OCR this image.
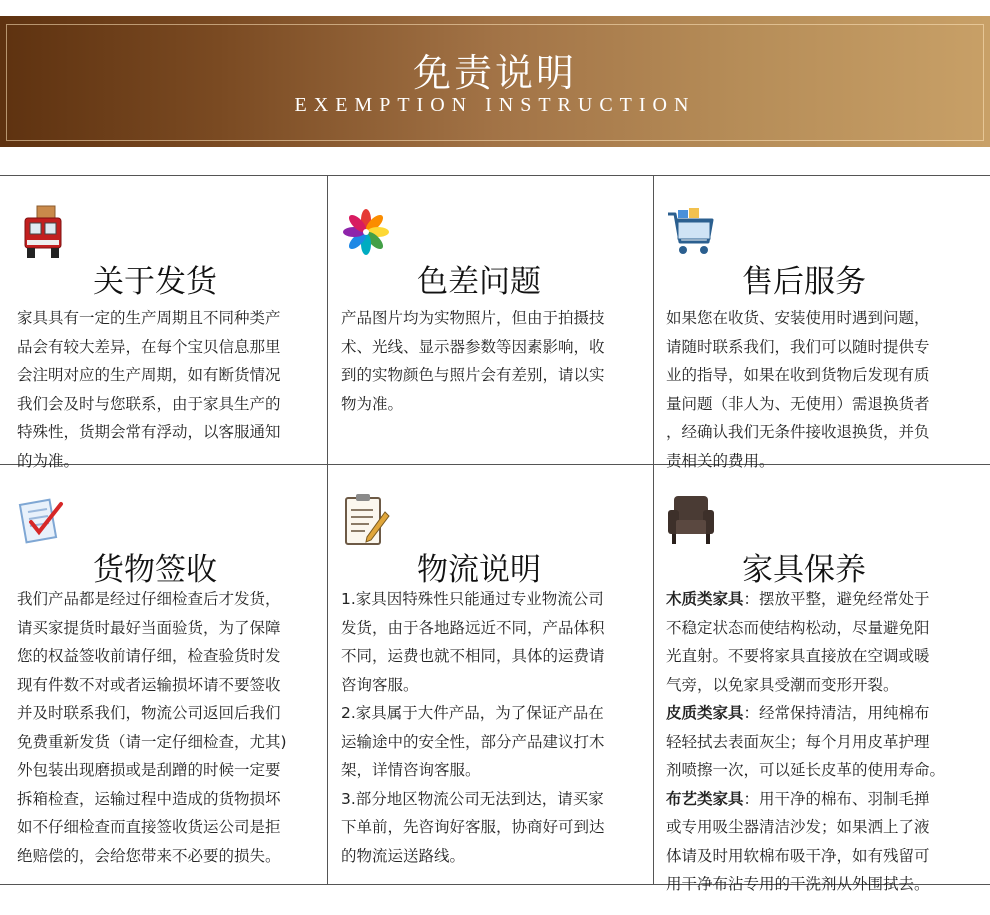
免责说明
EXEMPTION INSTRUCTION
关于发货

家具具有一定的生产周期且不同种类产

品会有较大差异，在每个宝贝信息那里

会注明对应的生产周期，如有断货情况

我们会及时与您联系，由于家具生产的

特殊性，货期会常有浮动，以客服通知

的为准。

色差问题

产品图片均为实物照片，但由于拍摄技

术、光线、显示器参数等因素影响，收

到的实物颜色与照片会有差别，请以实

物为准。

售后服务

如果您在收货、安装使用时遇到问题，

请随时联系我们，我们可以随时提供专

业的指导，如果在收到货物后发现有质

量问题（非人为、无使用）需退换货者

，经确认我们无条件接收退换货，并负

责相关的费用。

货物签收

我们产品都是经过仔细检查后才发货，

请买家提货时最好当面验货，为了保障

您的权益签收前请仔细，检查验货时发

现有件数不对或者运输损坏请不要签收

并及时联系我们，物流公司返回后我们

免费重新发货（请一定仔细检查，尤其)

外包装出现磨损或是刮蹭的时候一定要

拆箱检查，运输过程中造成的货物损坏

如不仔细检查而直接签收货运公司是拒

绝赔偿的，会给您带来不必要的损失。

物流说明

1.家具因特殊性只能通过专业物流公司

发货，由于各地路远近不同，产品体积

不同，运费也就不相同，具体的运费请

咨询客服。

2.家具属于大件产品，为了保证产品在

运输途中的安全性，部分产品建议打木

架，详情咨询客服。

3.部分地区物流公司无法到达，请买家

下单前，先咨询好客服，协商好可到达

的物流运送路线。

家具保养

木质类家具：摆放平整，避免经常处于

不稳定状态而使结构松动，尽量避免阳

光直射。不要将家具直接放在空调或暖

气旁，以免家具受潮而变形开裂。

皮质类家具：经常保持清洁，用纯棉布

轻轻拭去表面灰尘；每个月用皮革护理

剂喷擦一次，可以延长皮革的使用寿命。

布艺类家具：用干净的棉布、羽制毛掸

或专用吸尘器清洁沙发；如果洒上了液

体请及时用软棉布吸干净，如有残留可

用干净布沾专用的干洗剂从外围拭去。
